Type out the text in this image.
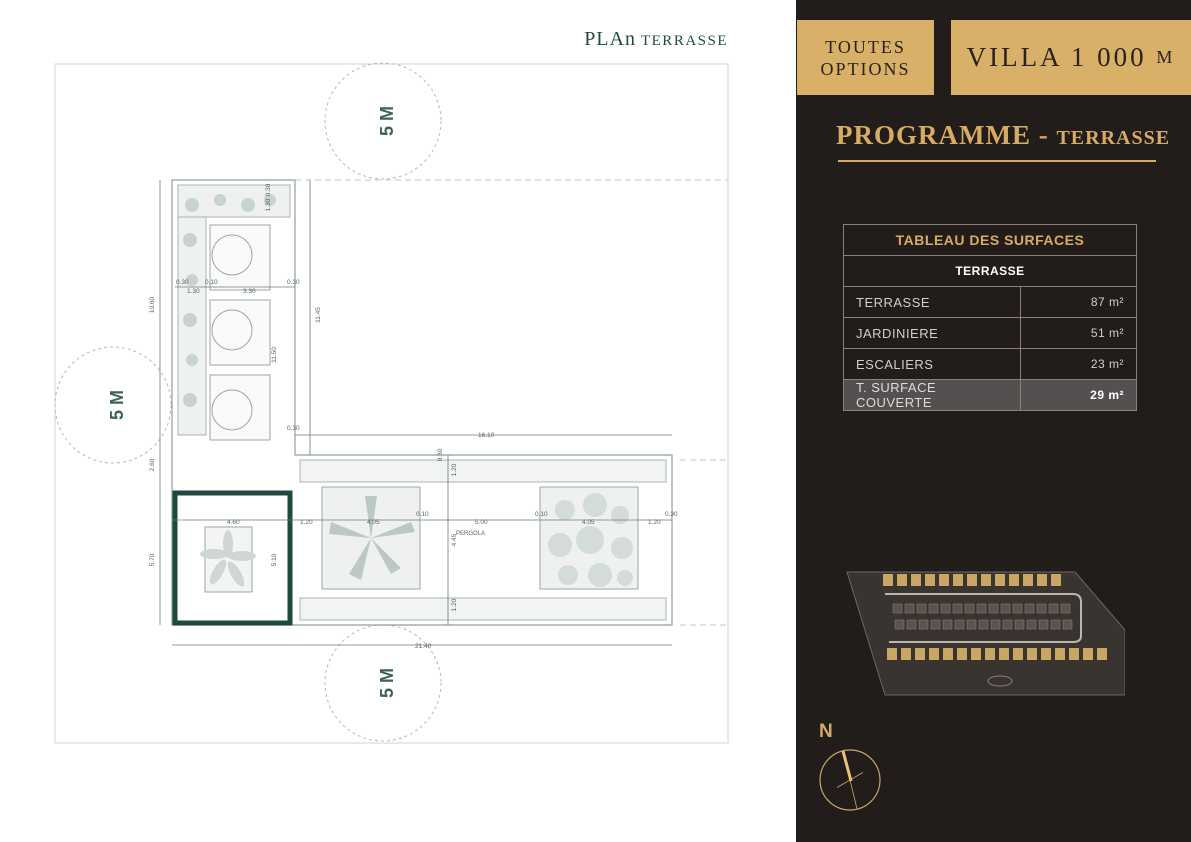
PLAn TERRASSE
5 M
5 M
5 M
10.60
11.45
11.50
2.60
5.70	5.10
4.45
1.20
1.20
0.30
1.30
0.30
0.30	0.10
1.30	3.30
0.30
0.30
16.10
4.60	1.20	4.05	5.00	4.05	1.20
0.10	0.10	0.30
21.40
PERGOLA
TOUTES
OPTIONS VILLA 1 000
M
PROGRAMME - TERRASSE
TABLEAU DES SURFACES	
TERRASSE	
TERRASSE	87 m²
JARDINIERE	51 m²
ESCALIERS	23 m²
T. SURFACE COUVERTE	29 m²
N
